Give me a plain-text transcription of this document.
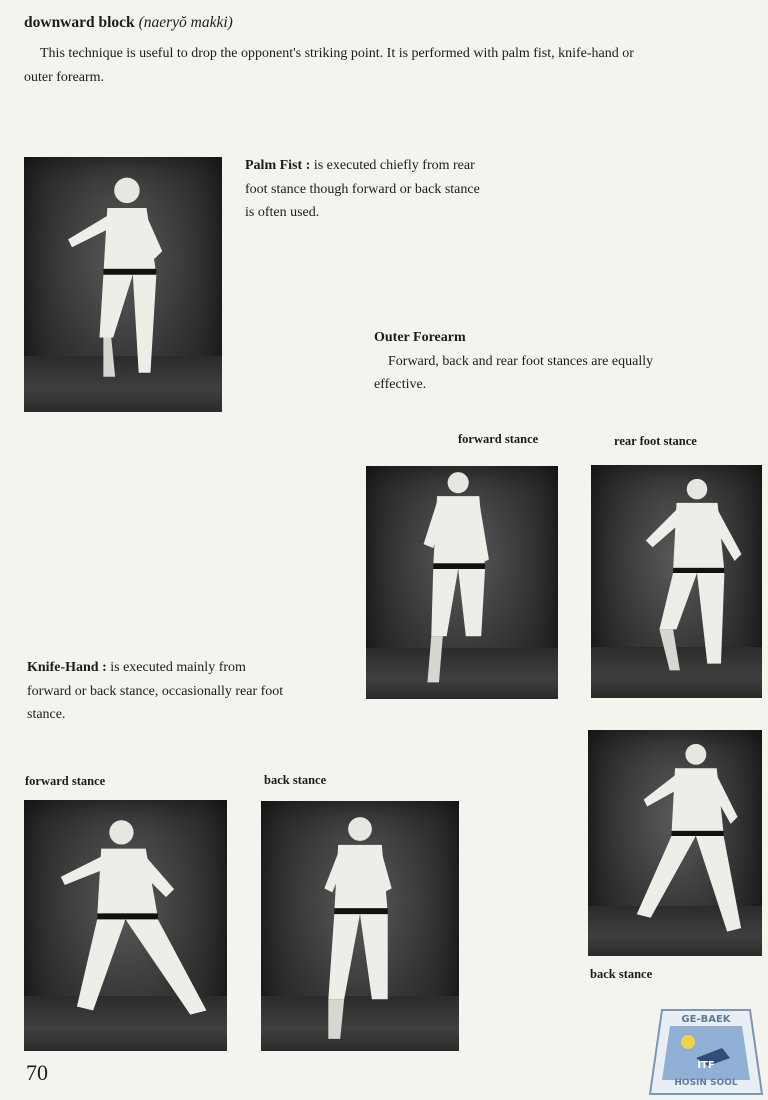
downward block (naeryŏ makki)
This technique is useful to drop the opponent's striking point. It is performed with palm fist, knife-hand or outer forearm.
Palm Fist : is executed chiefly from rear foot stance though forward or back stance is often used.
Outer Forearm
Forward, back and rear foot stances are equally effective.
forward stance	rear foot stance
Knife-Hand : is executed mainly from forward or back stance, occasionally rear foot stance.
back stance
forward stance	back stance
70
GE-BAEK
ITF
HOSIN SOOL
